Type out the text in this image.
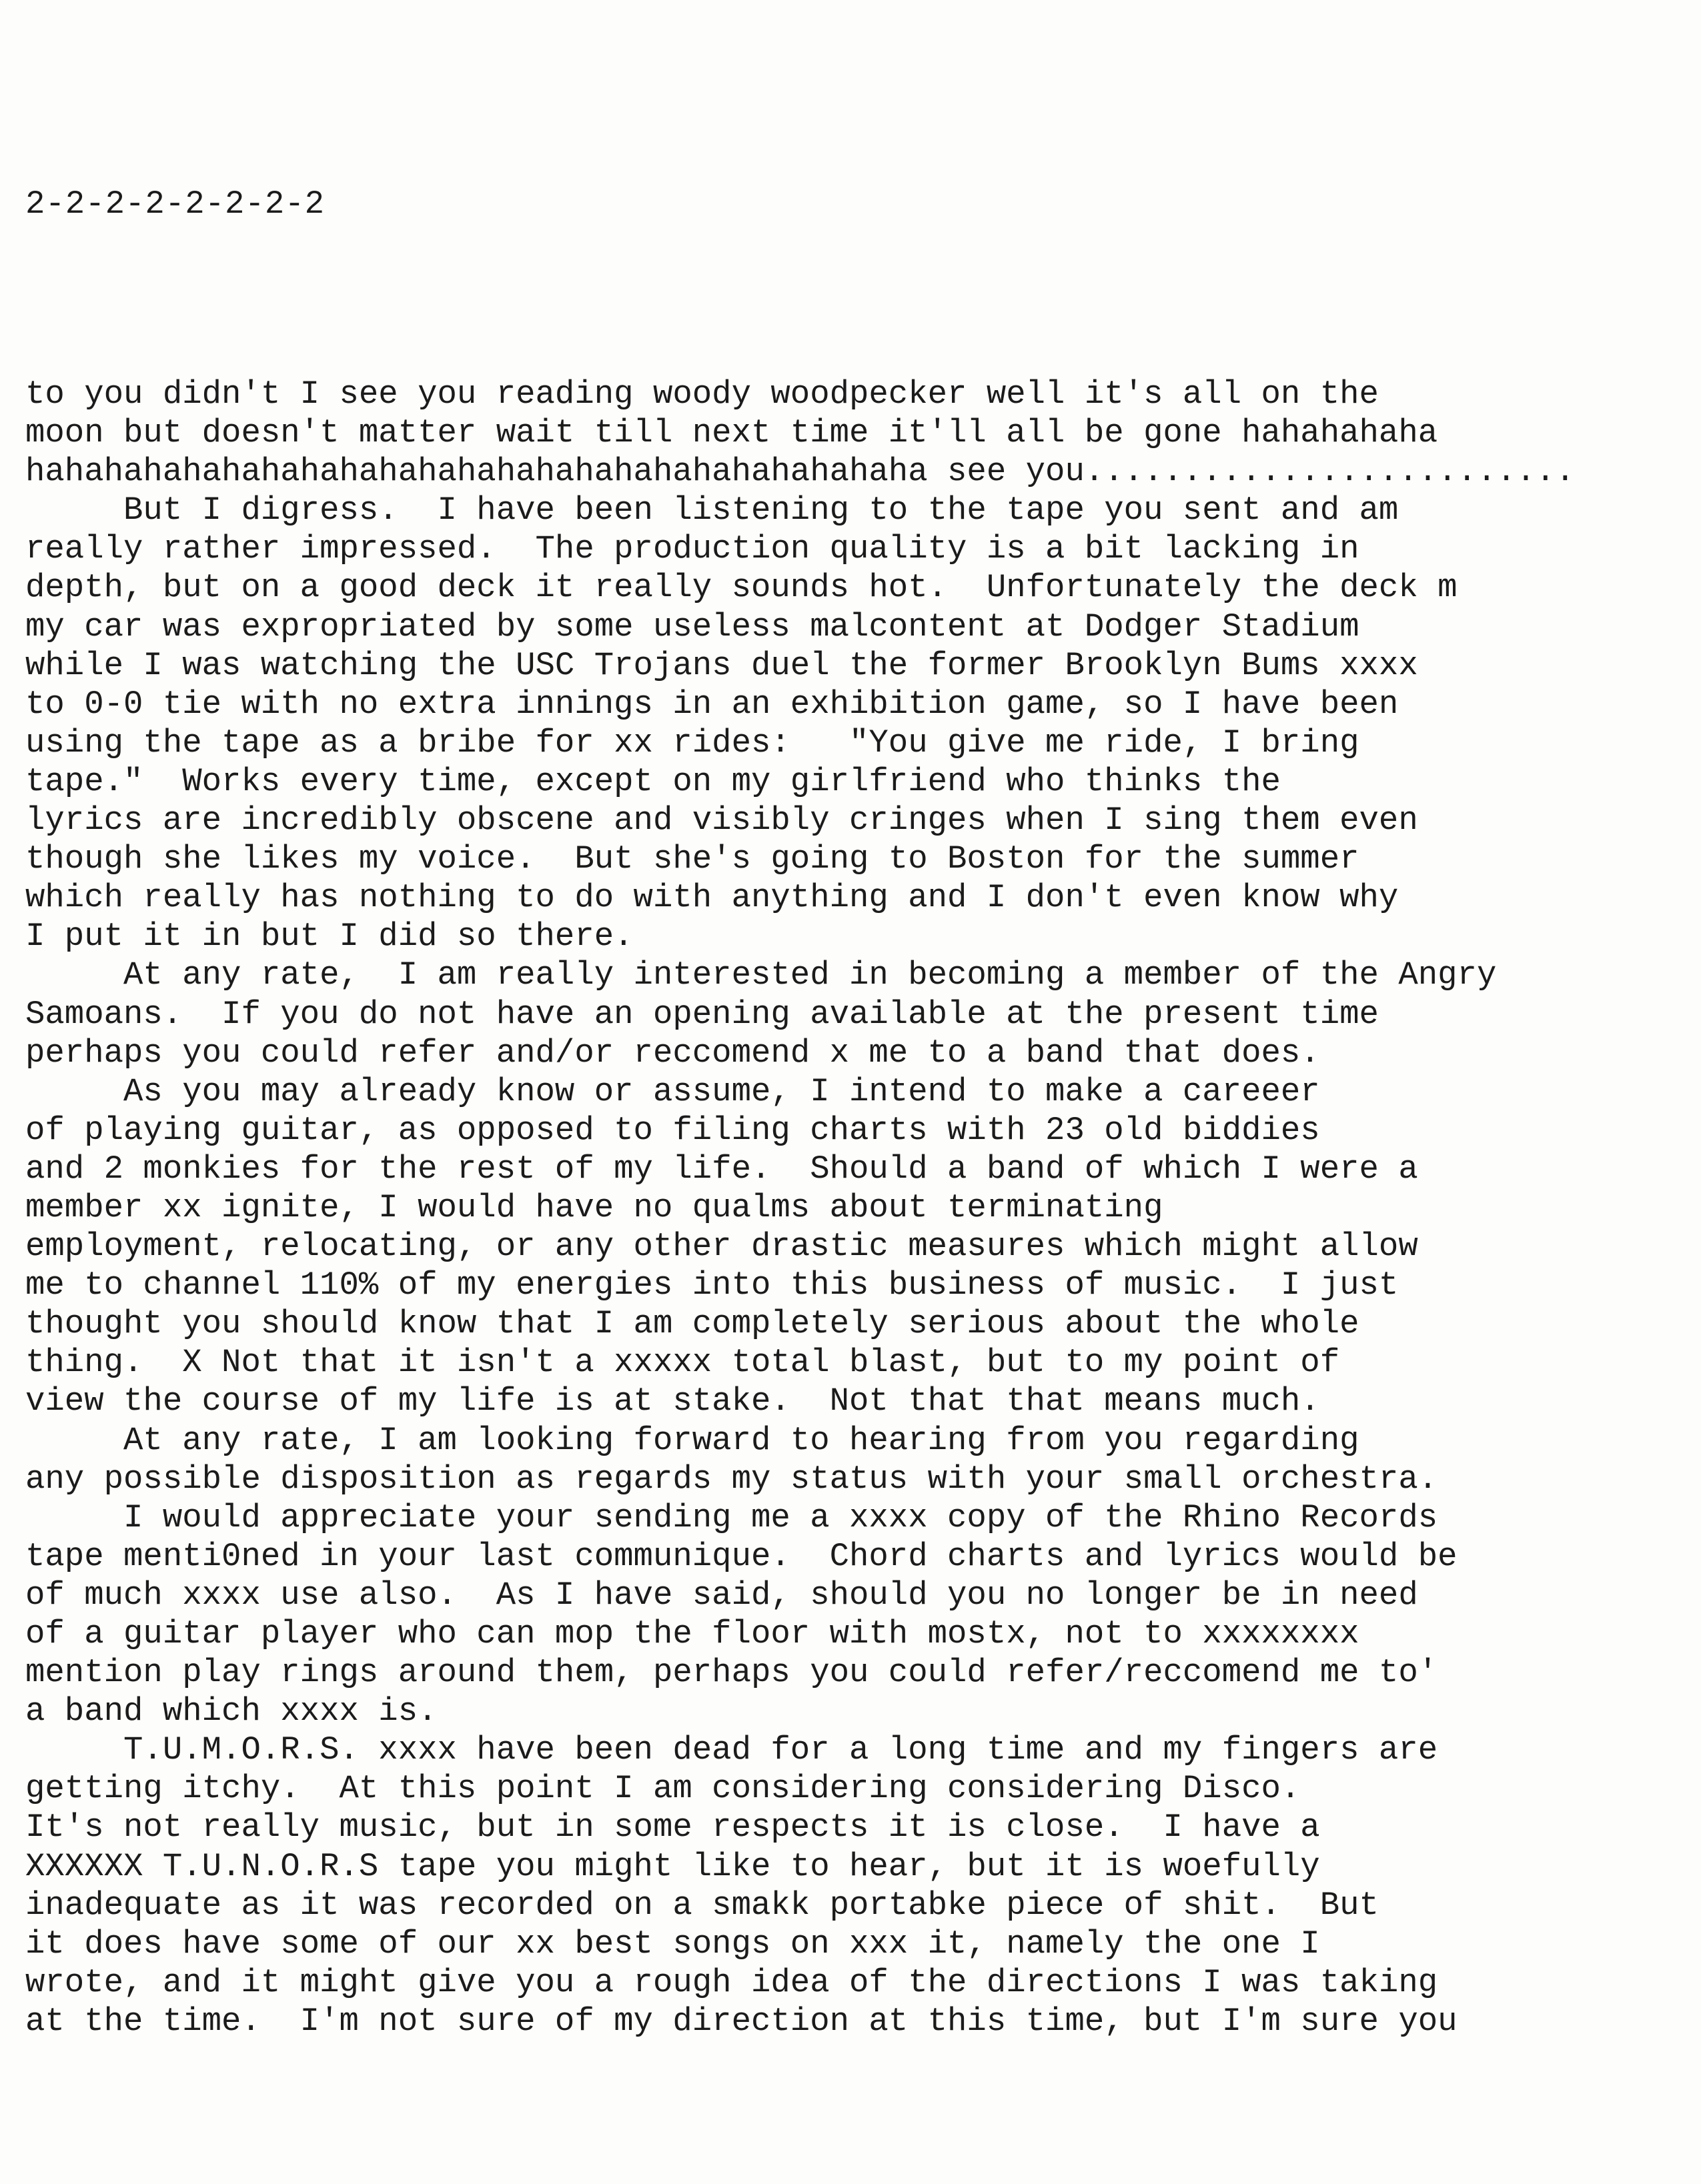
2-2-2-2-2-2-2-2
to you didn't I see you reading woody woodpecker well it's all on the
moon but doesn't matter wait till next time it'll all be gone hahahahaha
hahahahahahahahahahahahahahahahahahahahahahaha see you.........................
But I digress.  I have been listening to the tape you sent and am
really rather impressed.  The production quality is a bit lacking in
depth, but on a good deck it really sounds hot.  Unfortunately the deck m
my car was expropriated by some useless malcontent at Dodger Stadium
while I was watching the USC Trojans duel the former Brooklyn Bums xxxx
to 0-0 tie with no extra innings in an exhibition game, so I have been
using the tape as a bribe for xx rides:   "You give me ride, I bring
tape."  Works every time, except on my girlfriend who thinks the
lyrics are incredibly obscene and visibly cringes when I sing them even
though she likes my voice.  But she's going to Boston for the summer
which really has nothing to do with anything and I don't even know why
I put it in but I did so there.
At any rate,  I am really interested in becoming a member of the Angry
Samoans.  If you do not have an opening available at the present time
perhaps you could refer and/or reccomend x me to a band that does.
As you may already know or assume, I intend to make a careeer
of playing guitar, as opposed to filing charts with 23 old biddies
and 2 monkies for the rest of my life.  Should a band of which I were a
member xx ignite, I would have no qualms about terminating
employment, relocating, or any other drastic measures which might allow
me to channel 110% of my energies into this business of music.  I just
thought you should know that I am completely serious about the whole
thing.  X Not that it isn't a xxxxx total blast, but to my point of
view the course of my life is at stake.  Not that that means much.
At any rate, I am looking forward to hearing from you regarding
any possible disposition as regards my status with your small orchestra.
I would appreciate your sending me a xxxx copy of the Rhino Records
tape menti0ned in your last communique.  Chord charts and lyrics would be
of much xxxx use also.  As I have said, should you no longer be in need
of a guitar player who can mop the floor with mostx, not to xxxxxxxx
mention play rings around them, perhaps you could refer/reccomend me to'
a band which xxxx is.
T.U.M.O.R.S. xxxx have been dead for a long time and my fingers are
getting itchy.  At this point I am considering considering Disco.
It's not really music, but in some respects it is close.  I have a
XXXXXX T.U.N.O.R.S tape you might like to hear, but it is woefully
inadequate as it was recorded on a smakk portabke piece of shit.  But
it does have some of our xx best songs on xxx it, namely the one I
wrote, and it might give you a rough idea of the directions I was taking
at the time.  I'm not sure of my direction at this time, but I'm sure you
